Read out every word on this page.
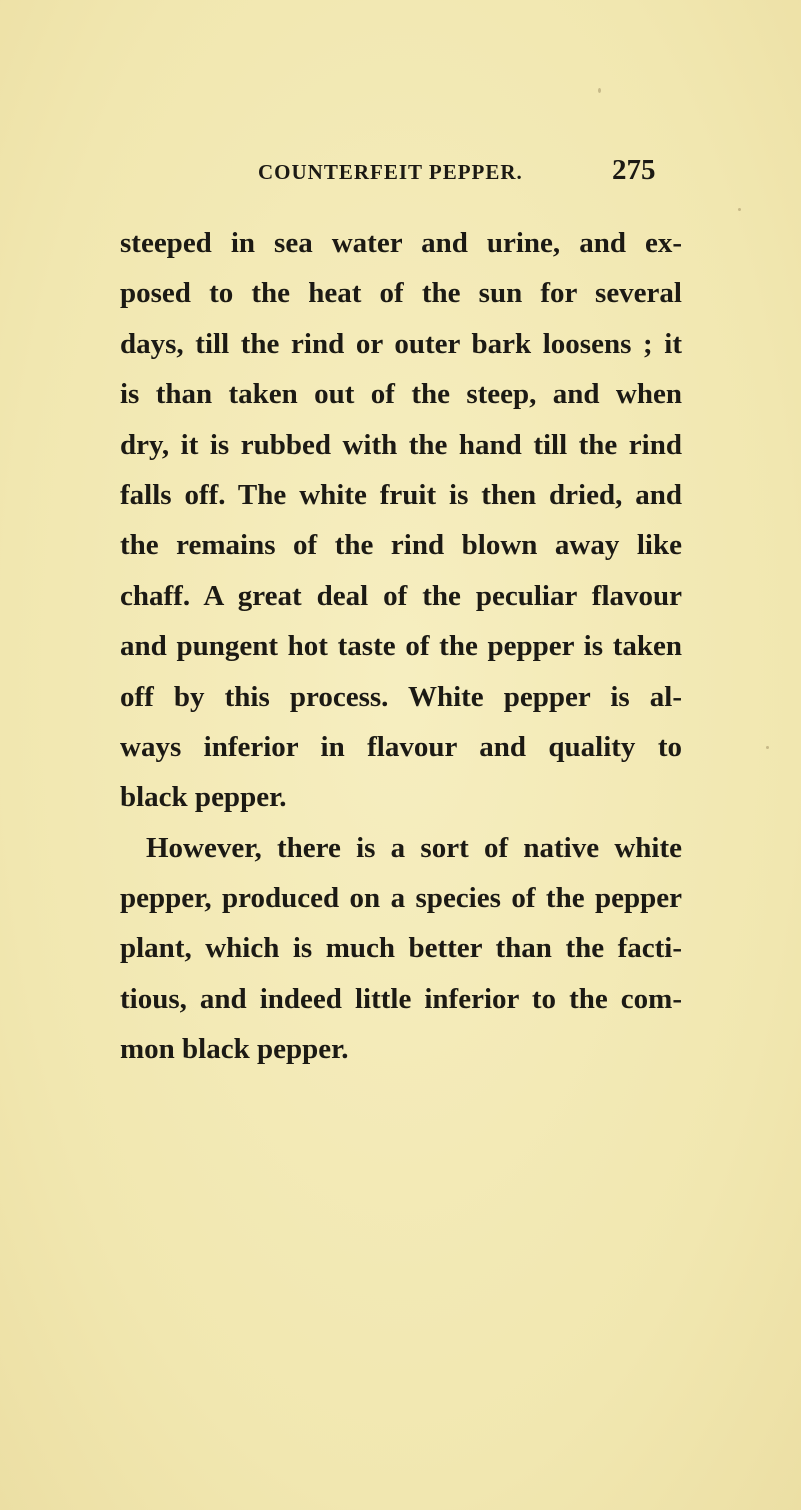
COUNTERFEIT PEPPER.	275
steeped in sea water and urine, and ex-
posed to the heat of the sun for several
days, till the rind or outer bark loosens ; it
is than taken out of the steep, and when
dry, it is rubbed with the hand till the rind
falls off. The white fruit is then dried, and
the remains of the rind blown away like
chaff. A great deal of the peculiar flavour
and pungent hot taste of the pepper is taken
off by this process. White pepper is al-
ways inferior in flavour and quality to
black pepper.
However, there is a sort of native white
pepper, produced on a species of the pepper
plant, which is much better than the facti-
tious, and indeed little inferior to the com-
mon black pepper.
